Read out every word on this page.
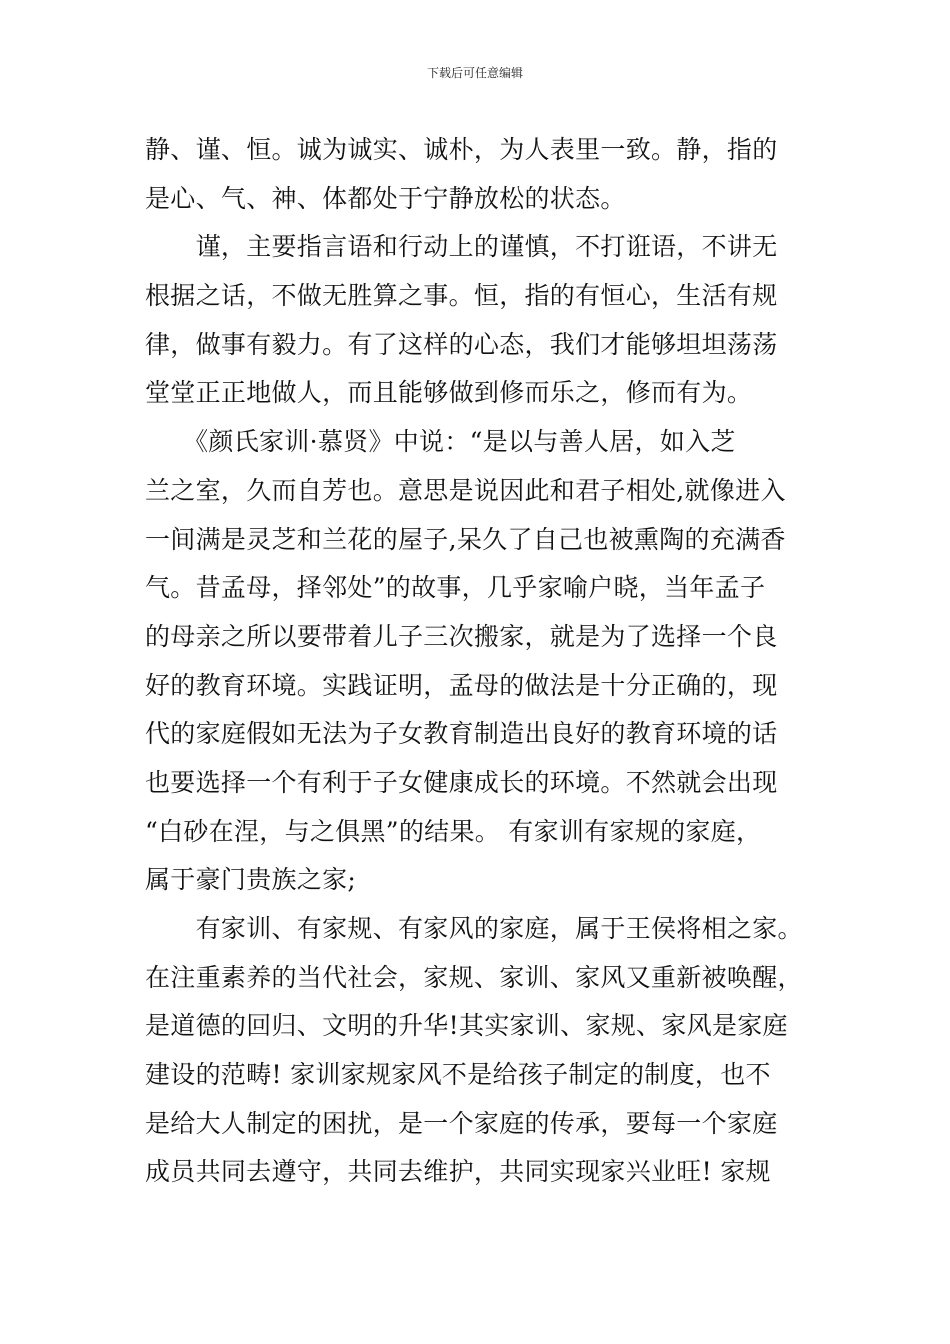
下载后可任意编辑
静、谨、恒。诚为诚实、诚朴，为人表里一致。静，指的
是心、气、神、体都处于宁静放松的状态。
　　谨，主要指言语和行动上的谨慎，不打诳语，不讲无
根据之话，不做无胜算之事。恒，指的有恒心，生活有规
律，做事有毅力。有了这样的心态，我们才能够坦坦荡荡
堂堂正正地做人，而且能够做到修而乐之，修而有为。
　　《颜氏家训·慕贤》中说：“是以与善人居，如入芝
兰之室，久而自芳也。意思是说因此和君子相处,就像进入
一间满是灵芝和兰花的屋子,呆久了自己也被熏陶的充满香
气。昔孟母，择邻处”的故事，几乎家喻户晓，当年孟子
的母亲之所以要带着儿子三次搬家，就是为了选择一个良
好的教育环境。实践证明，孟母的做法是十分正确的，现
代的家庭假如无法为子女教育制造出良好的教育环境的话
也要选择一个有利于子女健康成长的环境。不然就会出现
“白砂在涅，与之俱黑”的结果。 有家训有家规的家庭，
属于豪门贵族之家;
　　有家训、有家规、有家风的家庭，属于王侯将相之家。
在注重素养的当代社会，家规、家训、家风又重新被唤醒，
是道德的回归、文明的升华!其实家训、家规、家风是家庭
建设的范畴! 家训家规家风不是给孩子制定的制度，也不
是给大人制定的困扰，是一个家庭的传承，要每一个家庭
成员共同去遵守，共同去维护，共同实现家兴业旺! 家规
